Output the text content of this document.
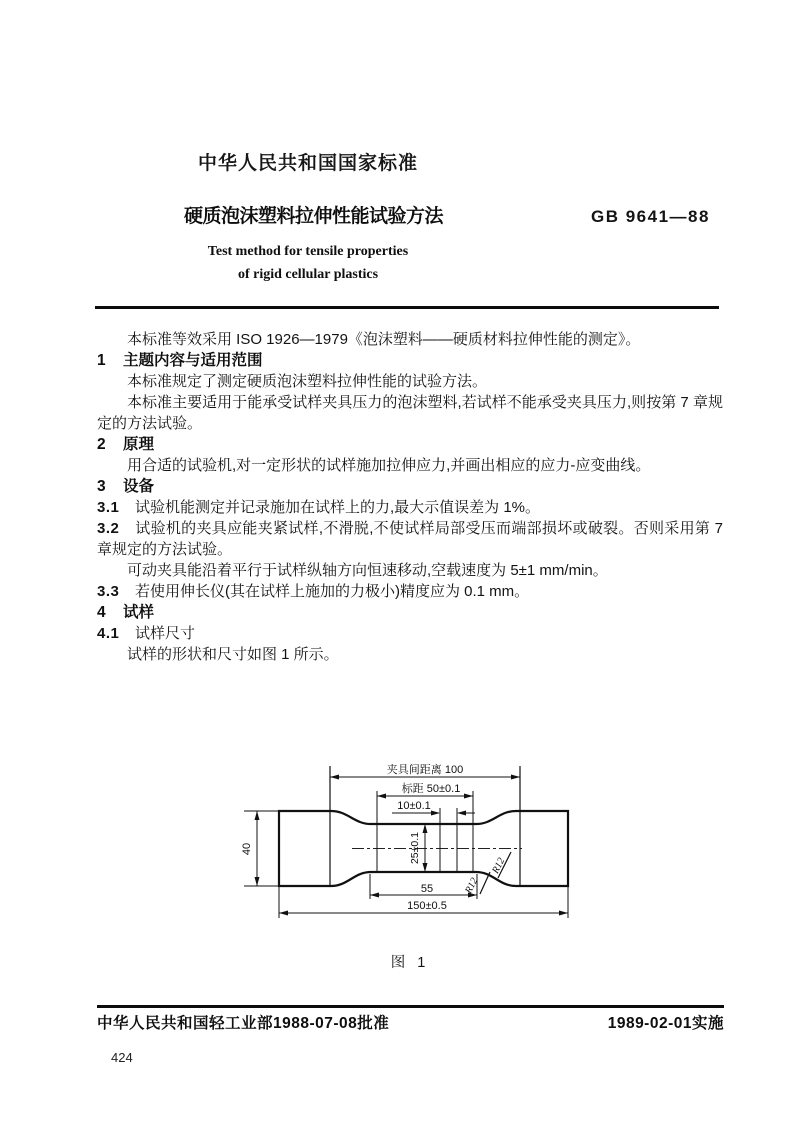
中华人民共和国国家标准
硬质泡沫塑料拉伸性能试验方法	GB 9641—88
Test method for tensile properties
of rigid cellular plastics

本标准等效采用 ISO 1926—1979《泡沫塑料——硬质材料拉伸性能的测定》。

1 主题内容与适用范围

本标准规定了测定硬质泡沫塑料拉伸性能的试验方法。

本标准主要适用于能承受试样夹具压力的泡沫塑料,若试样不能承受夹具压力,则按第 7 章规定的方法试验。

2 原理

用合适的试验机,对一定形状的试样施加拉伸应力,并画出相应的应力-应变曲线。

3 设备

3.1 试验机能测定并记录施加在试样上的力,最大示值误差为 1%。

3.2 试验机的夹具应能夹紧试样,不滑脱,不使试样局部受压而端部损坏或破裂。否则采用第 7 章规定的方法试验。

可动夹具能沿着平行于试样纵轴方向恒速移动,空载速度为 5±1 mm/min。

3.3 若使用伸长仪(其在试样上施加的力极小)精度应为 0.1 mm。

4 试样

4.1 试样尺寸

试样的形状和尺寸如图 1 所示。

夹具间距离 100
标距 50±0.1
10±0.1
25±0.1
40
55
150±0.5
R12
R12
图 1
中华人民共和国轻工业部1988-07-08批准	1989-02-01实施
424
